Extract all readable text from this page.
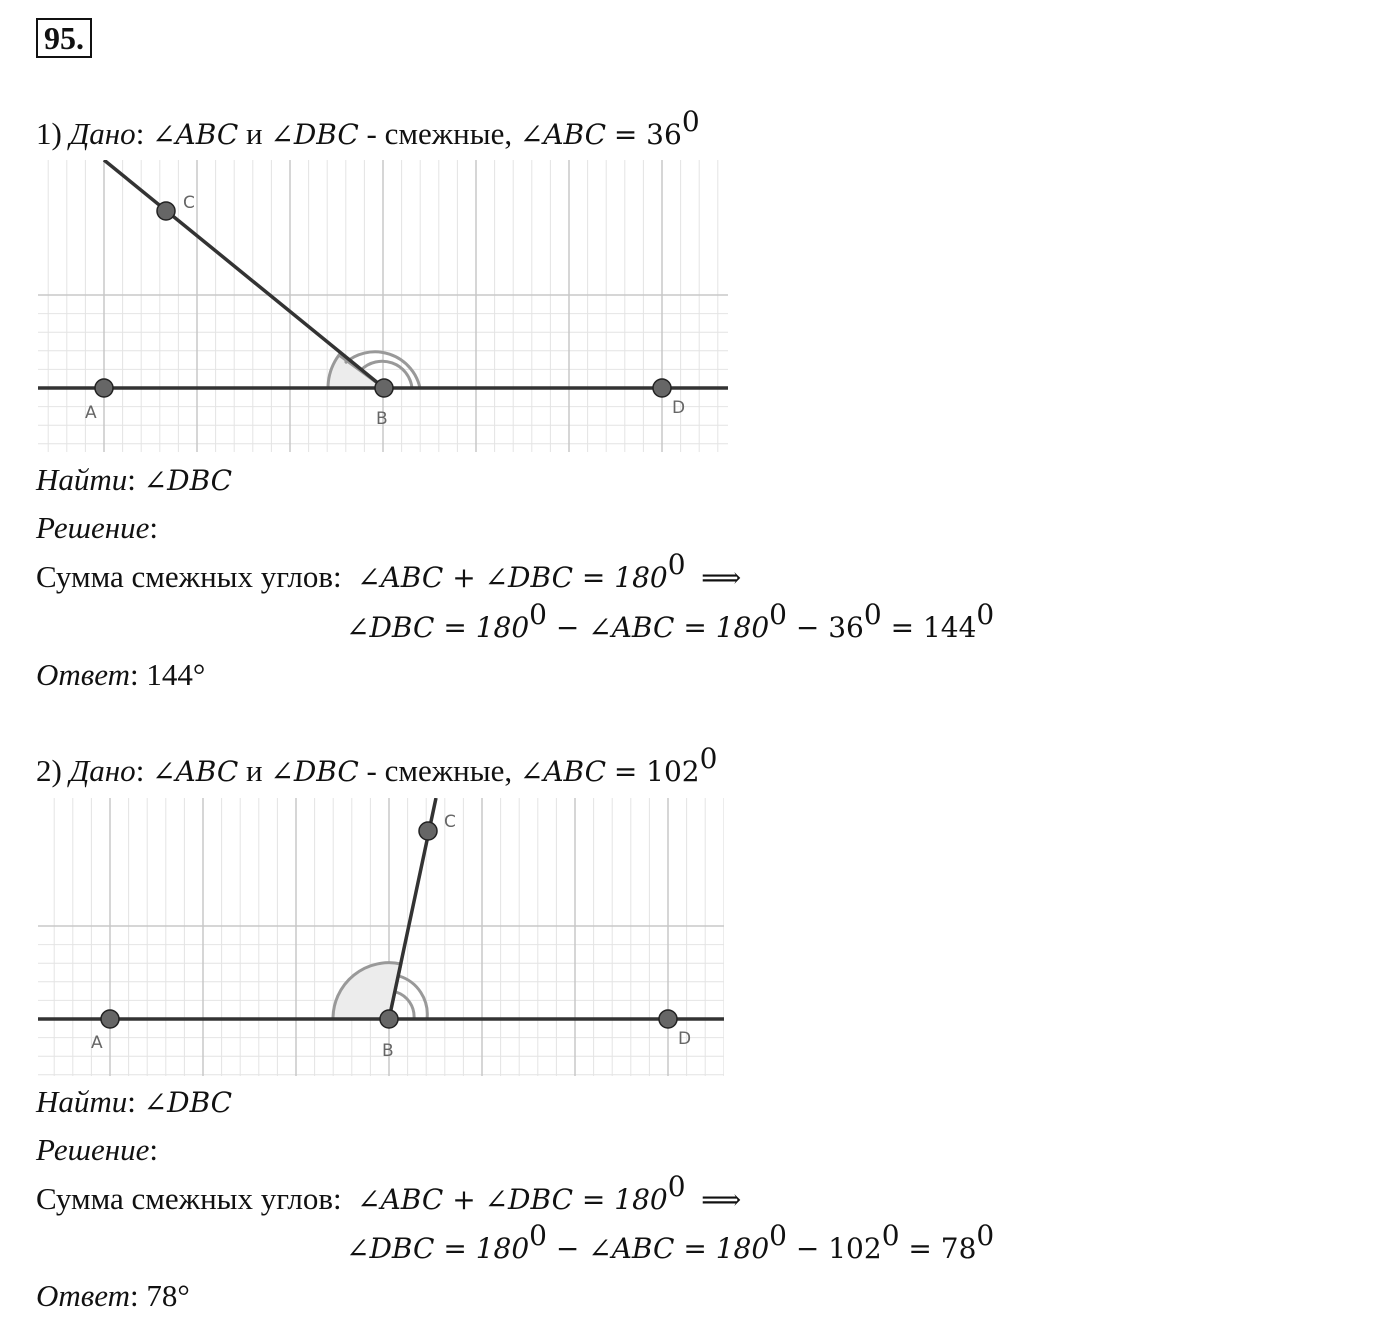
95.
1) Дано: ∠ABC и ∠DBC - смежные, ∠ABC = $36^0$
C
A	B
D
Найти: ∠DBC
Решение:
Сумма смежных углов: ∠ABC + ∠DBC = $180^0$ ⟹
∠DBC = $180^0$ − ∠ABC = $180^0 - 36^0 = 144^0$
Ответ: 144°
2) Дано: ∠ABC и ∠DBC - смежные, ∠ABC = $102^0$
C
A	B
D
Найти: ∠DBC
Решение:
Сумма смежных углов: ∠ABC + ∠DBC = $180^0$ ⟹
∠DBC = $180^0$ − ∠ABC = $180^0 - 102^0 = 78^0$
Ответ: 78°
